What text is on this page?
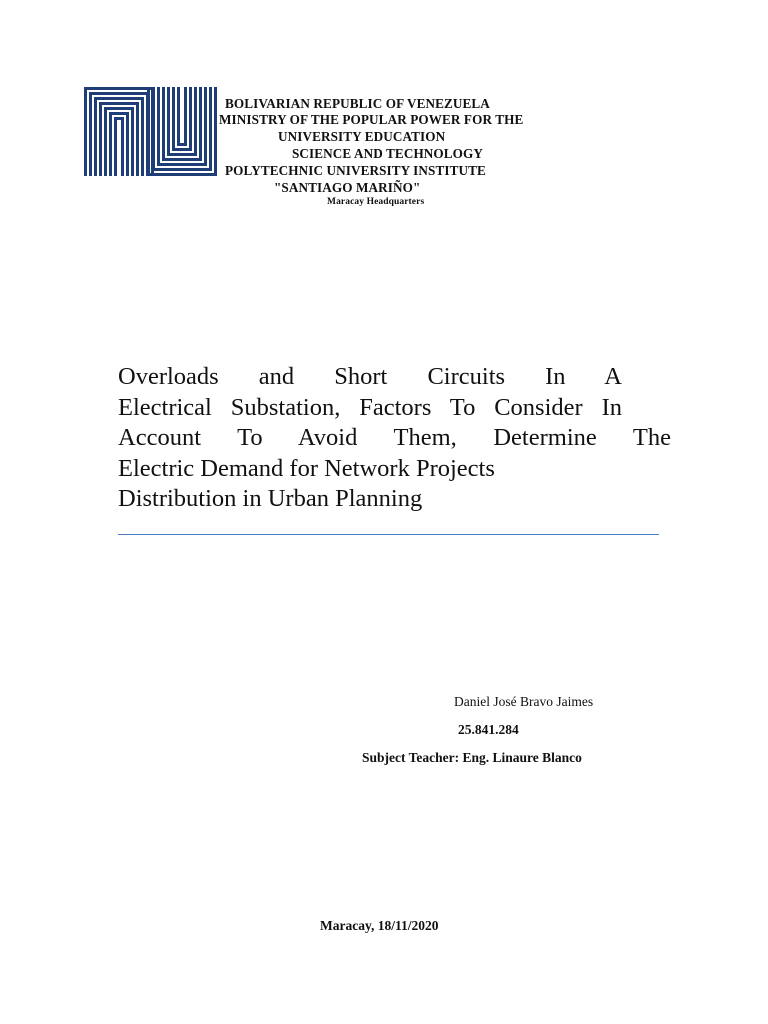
BOLIVARIAN REPUBLIC OF VENEZUELA
MINISTRY OF THE POPULAR POWER FOR THE
UNIVERSITY EDUCATION
SCIENCE AND TECHNOLOGY
POLYTECHNIC UNIVERSITY INSTITUTE
"SANTIAGO MARIÑO"
Maracay Headquarters
Overloads and Short Circuits In A
Electrical Substation, Factors To Consider In
Account To Avoid Them, Determine The
Electric Demand for Network Projects
Distribution in Urban Planning
Daniel José Bravo Jaimes
25.841.284
Subject Teacher: Eng. Linaure Blanco
Maracay, 18/11/2020
